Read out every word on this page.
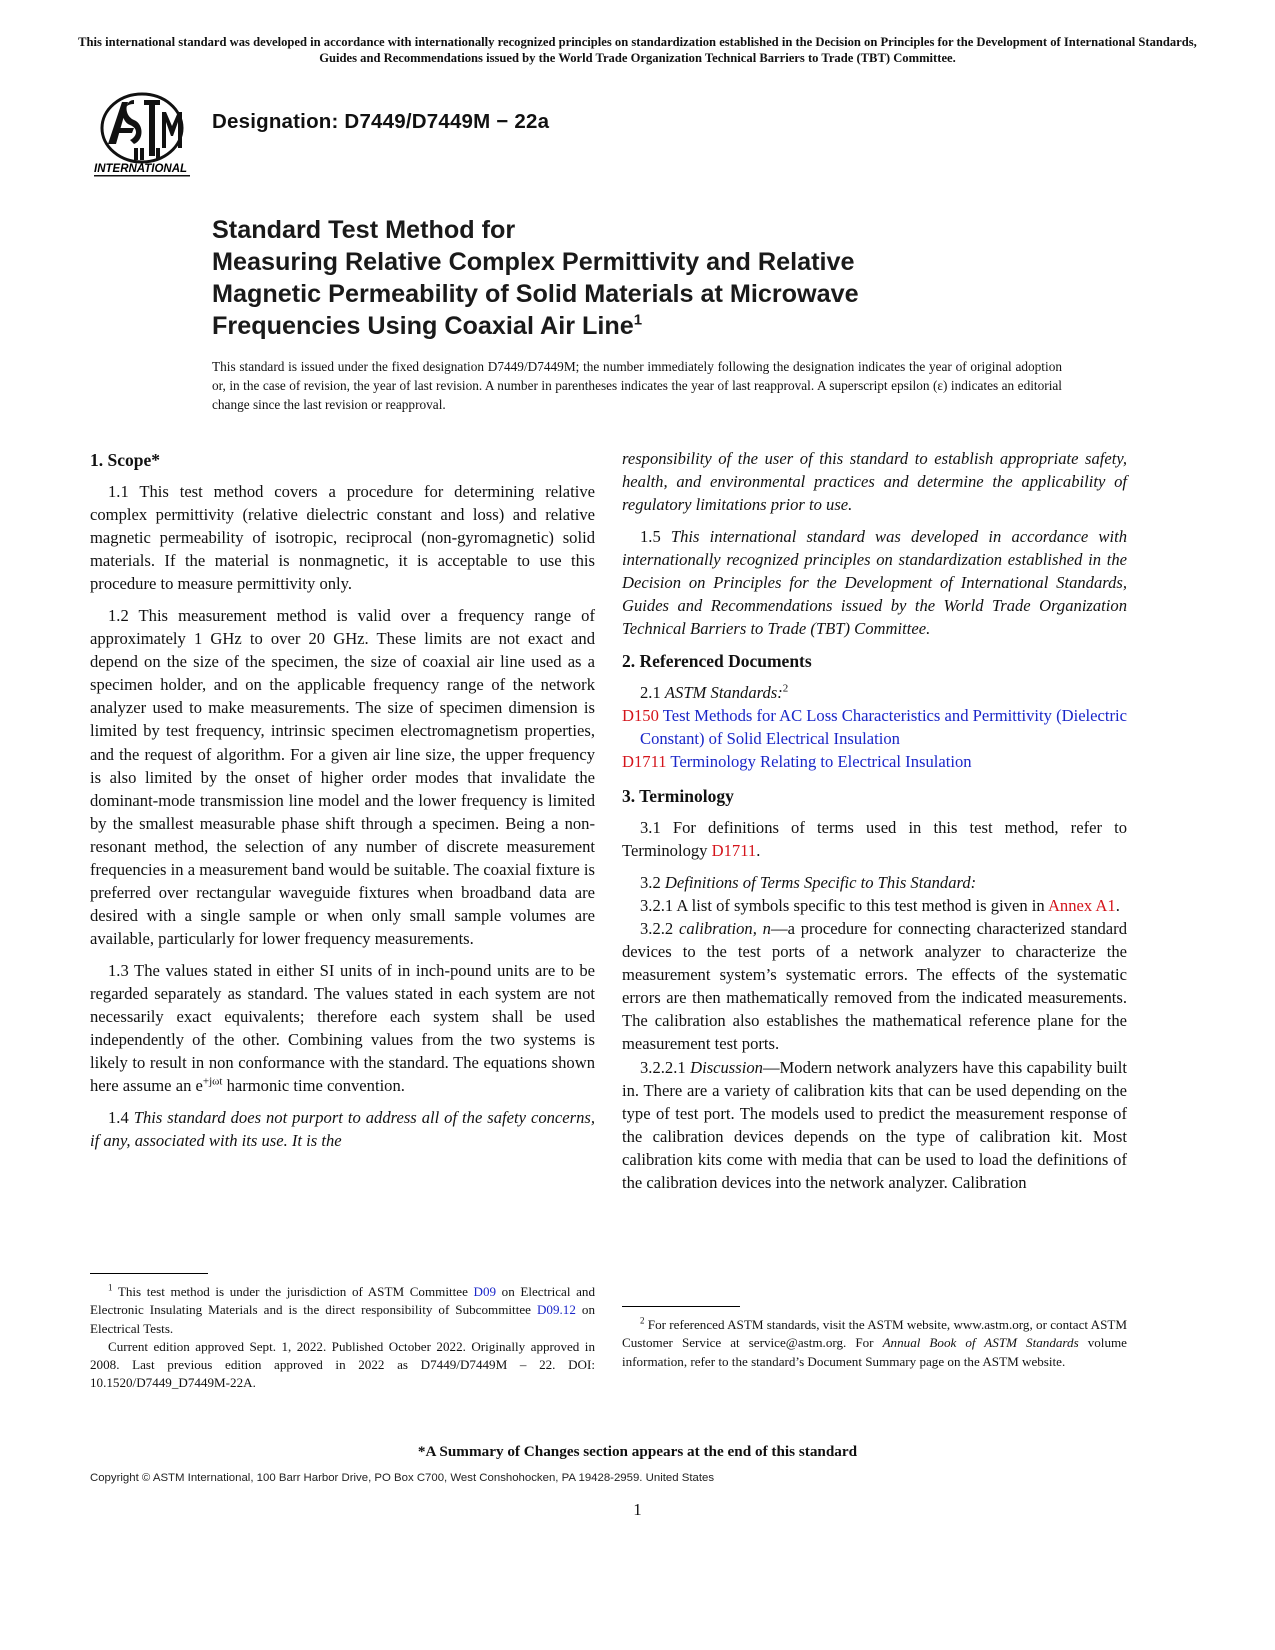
This international standard was developed in accordance with internationally recognized principles on standardization established in the Decision on Principles for the Development of International Standards, Guides and Recommendations issued by the World Trade Organization Technical Barriers to Trade (TBT) Committee.
INTERNATIONAL
Designation: D7449/D7449M − 22a
Standard Test Method for
Measuring Relative Complex Permittivity and Relative
Magnetic Permeability of Solid Materials at Microwave
Frequencies Using Coaxial Air Line$^1$
This standard is issued under the fixed designation D7449/D7449M; the number immediately following the designation indicates the year of original adoption or, in the case of revision, the year of last revision. A number in parentheses indicates the year of last reapproval. A superscript epsilon (ε) indicates an editorial change since the last revision or reapproval.
1. Scope*

1.1 This test method covers a procedure for determining relative complex permittivity (relative dielectric constant and loss) and relative magnetic permeability of isotropic, reciprocal (non-gyromagnetic) solid materials. If the material is nonmagnetic, it is acceptable to use this procedure to measure permittivity only.

1.2 This measurement method is valid over a frequency range of approximately 1 GHz to over 20 GHz. These limits are not exact and depend on the size of the specimen, the size of coaxial air line used as a specimen holder, and on the applicable frequency range of the network analyzer used to make measurements. The size of specimen dimension is limited by test frequency, intrinsic specimen electromagnetism properties, and the request of algorithm. For a given air line size, the upper frequency is also limited by the onset of higher order modes that invalidate the dominant-mode transmission line model and the lower frequency is limited by the smallest measurable phase shift through a specimen. Being a non-resonant method, the selection of any number of discrete measurement frequencies in a measurement band would be suitable. The coaxial fixture is preferred over rectangular waveguide fixtures when broadband data are desired with a single sample or when only small sample volumes are available, particularly for lower frequency measurements.

1.3 The values stated in either SI units of in inch-pound units are to be regarded separately as standard. The values stated in each system are not necessarily exact equivalents; therefore each system shall be used independently of the other. Combining values from the two systems is likely to result in non conformance with the standard. The equations shown here assume an $e^{+j\omega t}$ harmonic time convention.

1.4 This standard does not purport to address all of the safety concerns, if any, associated with its use. It is the

$^1$ This test method is under the jurisdiction of ASTM Committee D09 on Electrical and Electronic Insulating Materials and is the direct responsibility of Subcommittee D09.12 on Electrical Tests.

Current edition approved Sept. 1, 2022. Published October 2022. Originally approved in 2008. Last previous edition approved in 2022 as D7449/D7449M – 22. DOI: 10.1520/D7449_D7449M-22A.

responsibility of the user of this standard to establish appropriate safety, health, and environmental practices and determine the applicability of regulatory limitations prior to use.

1.5 This international standard was developed in accordance with internationally recognized principles on standardization established in the Decision on Principles for the Development of International Standards, Guides and Recommendations issued by the World Trade Organization Technical Barriers to Trade (TBT) Committee.

2. Referenced Documents

2.1 ASTM Standards:$^2$

D150 Test Methods for AC Loss Characteristics and Permittivity (Dielectric Constant) of Solid Electrical Insulation
D1711 Terminology Relating to Electrical Insulation
3. Terminology

3.1 For definitions of terms used in this test method, refer to Terminology D1711.

3.2 Definitions of Terms Specific to This Standard:

3.2.1 A list of symbols specific to this test method is given in Annex A1.

3.2.2 calibration, n—a procedure for connecting characterized standard devices to the test ports of a network analyzer to characterize the measurement system’s systematic errors. The effects of the systematic errors are then mathematically removed from the indicated measurements. The calibration also establishes the mathematical reference plane for the measurement test ports.

3.2.2.1 Discussion—Modern network analyzers have this capability built in. There are a variety of calibration kits that can be used depending on the type of test port. The models used to predict the measurement response of the calibration devices depends on the type of calibration kit. Most calibration kits come with media that can be used to load the definitions of the calibration devices into the network analyzer. Calibration

$^2$ For referenced ASTM standards, visit the ASTM website, www.astm.org, or contact ASTM Customer Service at service@astm.org. For Annual Book of ASTM Standards volume information, refer to the standard’s Document Summary page on the ASTM website.

*A Summary of Changes section appears at the end of this standard
Copyright © ASTM International, 100 Barr Harbor Drive, PO Box C700, West Conshohocken, PA 19428-2959. United States
1
